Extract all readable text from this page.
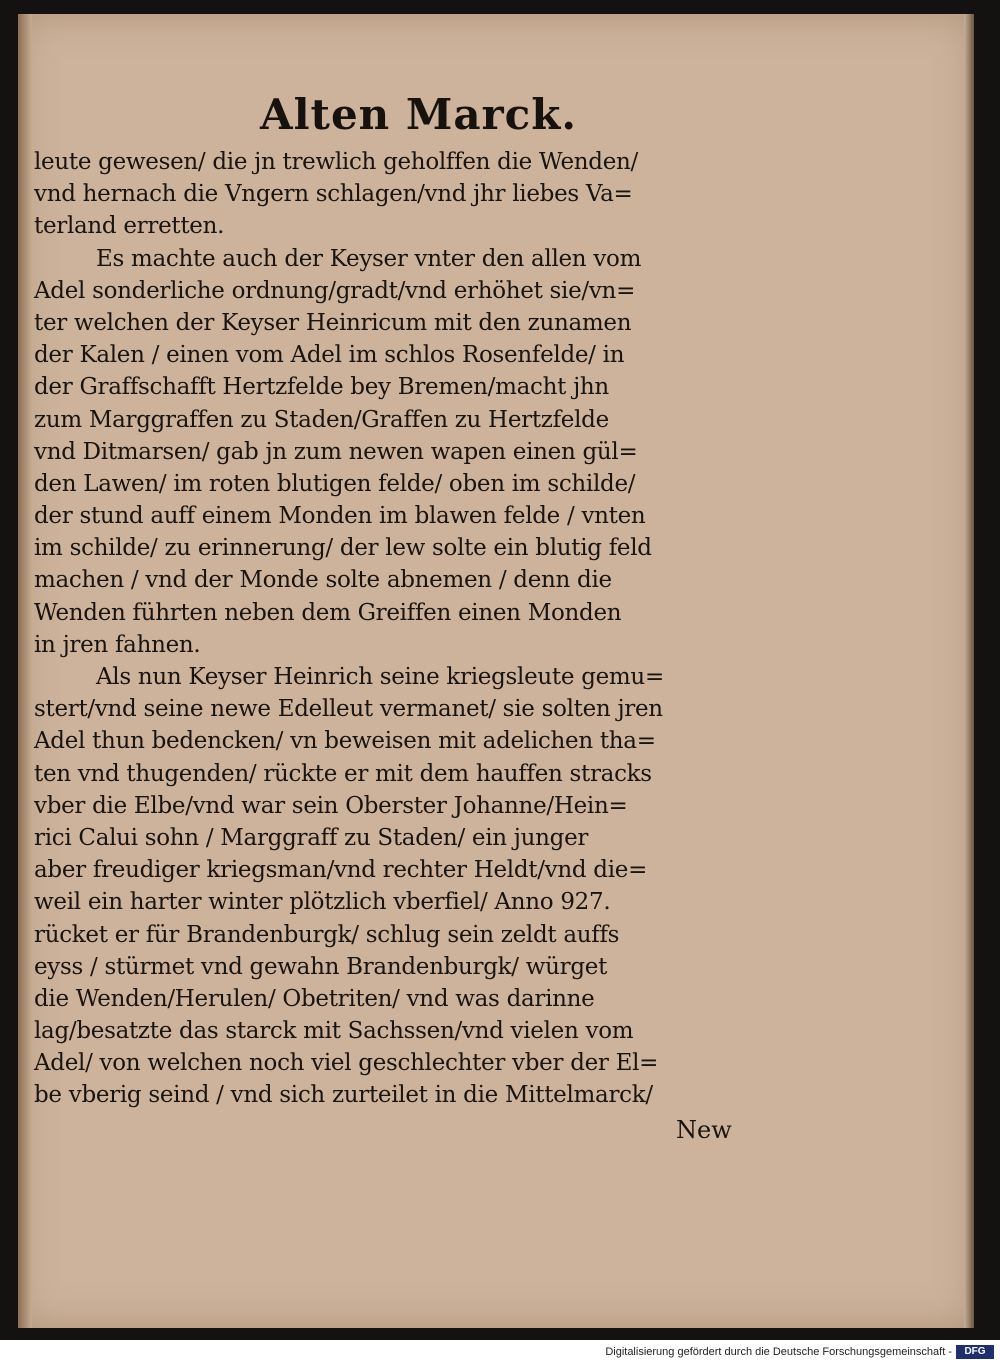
Alten Marck.
leute gewesen/ die jn trewlich geholffen die Wenden/
vnd hernach die Vngern schlagen/vnd jhr liebes Va=
terland erretten.
Es machte auch der Keyser vnter den allen vom
Adel sonderliche ordnung/gradt/vnd erhöhet sie/vn=
ter welchen der Keyser Heinricum mit den zunamen
der Kalen / einen vom Adel im schlos Rosenfelde/ in
der Graffschafft Hertzfelde bey Bremen/macht jhn
zum Marggraffen zu Staden/Graffen zu Hertzfelde
vnd Ditmarsen/ gab jn zum newen wapen einen gül=
den Lawen/ im roten blutigen felde/ oben im schilde/
der stund auff einem Monden im blawen felde / vnten
im schilde/ zu erinnerung/ der lew solte ein blutig feld
machen / vnd der Monde solte abnemen / denn die
Wenden führten neben dem Greiffen einen Monden
in jren fahnen.
Als nun Keyser Heinrich seine kriegsleute gemu=
stert/vnd seine newe Edelleut vermanet/ sie solten jren
Adel thun bedencken/ vn beweisen mit adelichen tha=
ten vnd thugenden/ rückte er mit dem hauffen stracks
vber die Elbe/vnd war sein Oberster Johanne/Hein=
rici Calui sohn / Marggraff zu Staden/ ein junger
aber freudiger kriegsman/vnd rechter Heldt/vnd die=
weil ein harter winter plötzlich vberfiel/ Anno 927.
rücket er für Brandenburgk/ schlug sein zeldt auffs
eyss / stürmet vnd gewahn Brandenburgk/ würget
die Wenden/Herulen/ Obetriten/ vnd was darinne
lag/besatzte das starck mit Sachssen/vnd vielen vom
Adel/ von welchen noch viel geschlechter vber der El=
be vberig seind / vnd sich zurteilet in die Mittelmarck/
New
Digitalisierung gefördert durch die Deutsche Forschungsgemeinschaft -	DFG
